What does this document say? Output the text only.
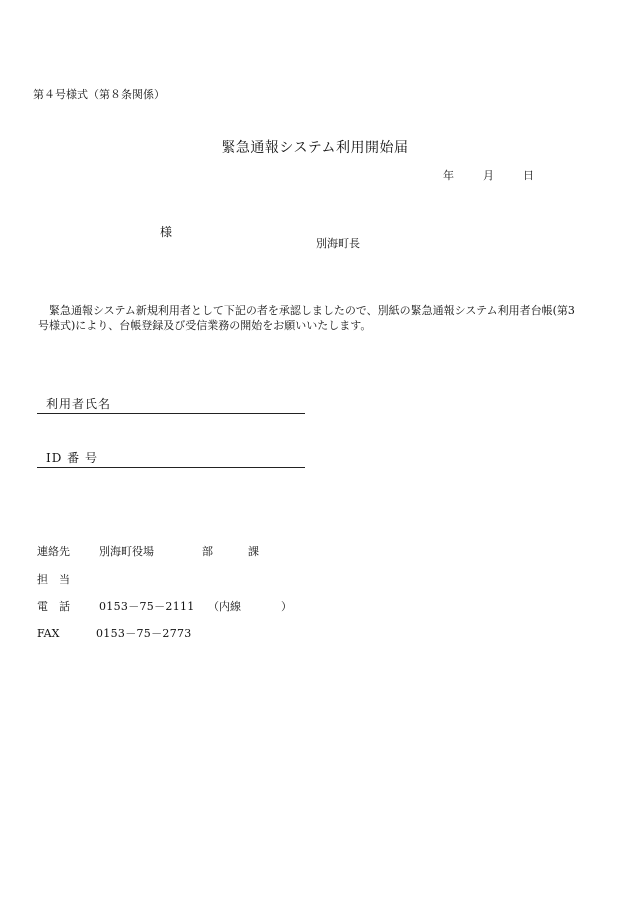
第４号様式（第８条関係）
緊急通報システム利用開始届
年	月	日
様
別海町長
緊急通報システム新規利用者として下記の者を承認しましたので、別紙の緊急通報システム利用者台帳(第3号様式)により、台帳登録及び受信業務の開始をお願いいたします。
利用者氏名
ID 番 号
連絡先	別海町役場	部	課
担　当
電　話	0153－75－2111 （内線	）
FAX	0153－75－2773
